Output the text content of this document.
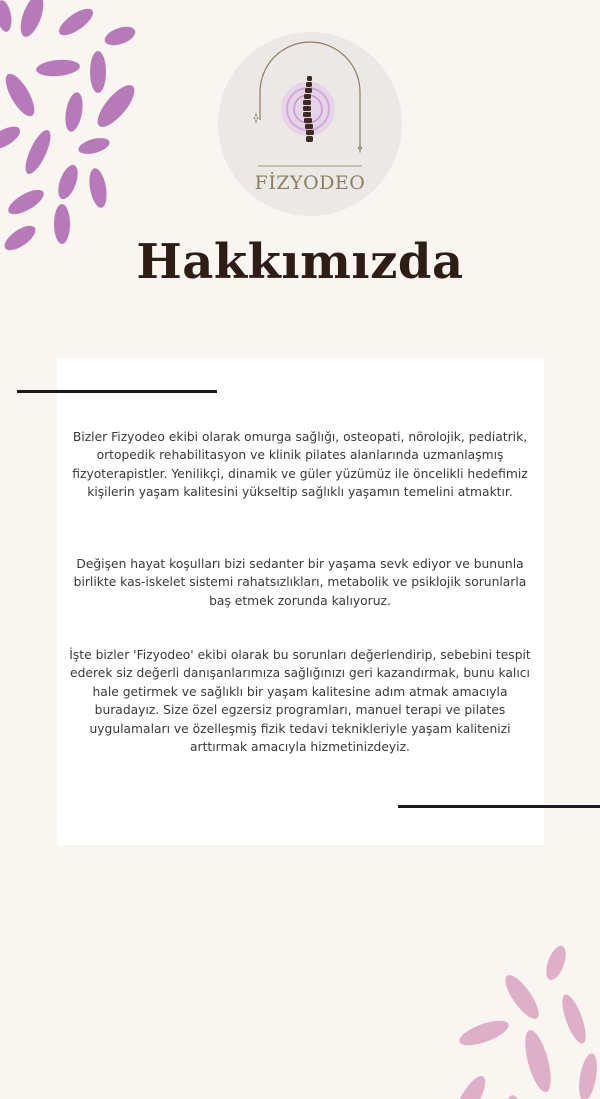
FİZYODEO
Hakkımızda

Bizler Fizyodeo ekibi olarak omurga sağlığı, osteopati, nörolojik, pediatrik, ortopedik rehabilitasyon ve klinik pilates alanlarında uzmanlaşmış fizyoterapistler. Yenilikçi, dinamik ve güler yüzümüz ile öncelikli hedefimiz kişilerin yaşam kalitesini yükseltip sağlıklı yaşamın temelini atmaktır.

Değişen hayat koşulları bizi sedanter bir yaşama sevk ediyor ve bununla birlikte kas-iskelet sistemi rahatsızlıkları, metabolik ve psiklojik sorunlarla baş etmek zorunda kalıyoruz.

İşte bizler 'Fizyodeo' ekibi olarak bu sorunları değerlendirip, sebebini tespit ederek siz değerli danışanlarımıza sağlığınızı geri kazandırmak, bunu kalıcı hale getirmek ve sağlıklı bir yaşam kalitesine adım atmak amacıyla buradayız. Size özel egzersiz programları, manuel terapi ve pilates uygulamaları ve özelleşmiş fizik tedavi teknikleriyle yaşam kalitenizi arttırmak amacıyla hizmetinizdeyiz.
